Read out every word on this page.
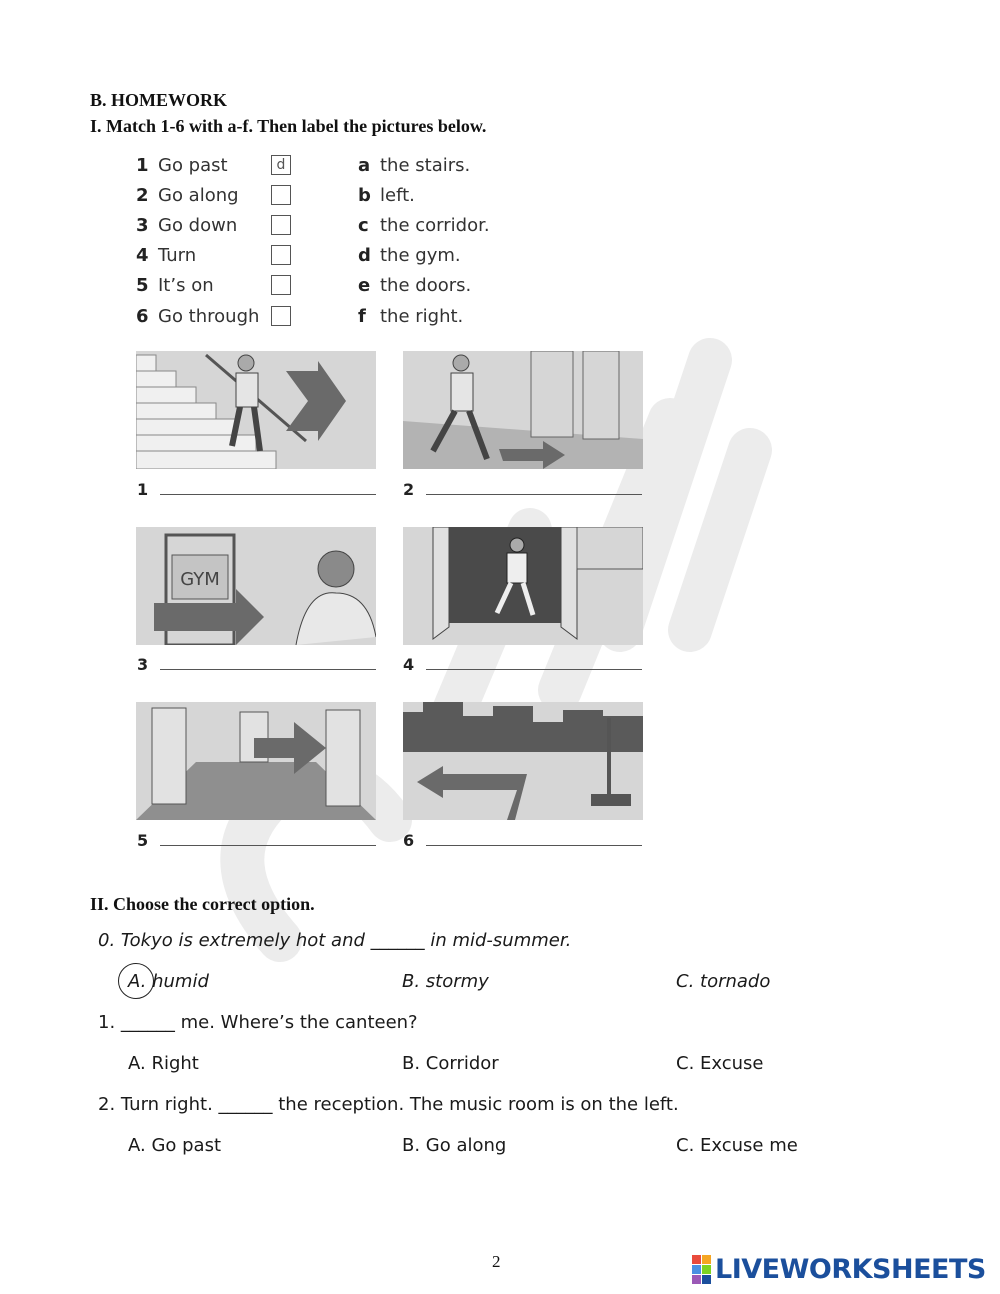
B. HOMEWORK
I. Match 1-6 with a-f. Then label the pictures below.
1 Go past	d	a the stairs.
2 Go along	b left.
3 Go down	c the corridor.
4 Turn	d the gym.
5 It’s on	e the doors.
6 Go through	f the right.
1	2
GYM
3	4
5	6
II. Choose the correct option.
0. Tokyo is extremely hot and ______ in mid-summer.
A. humid	B. stormy	C. tornado
1. ______ me. Where’s the canteen?
A. Right	B. Corridor	C. Excuse
2. Turn right. ______ the reception. The music room is on the left.
A. Go past	B. Go along	C. Excuse me
2	LIVEWORKSHEETS
